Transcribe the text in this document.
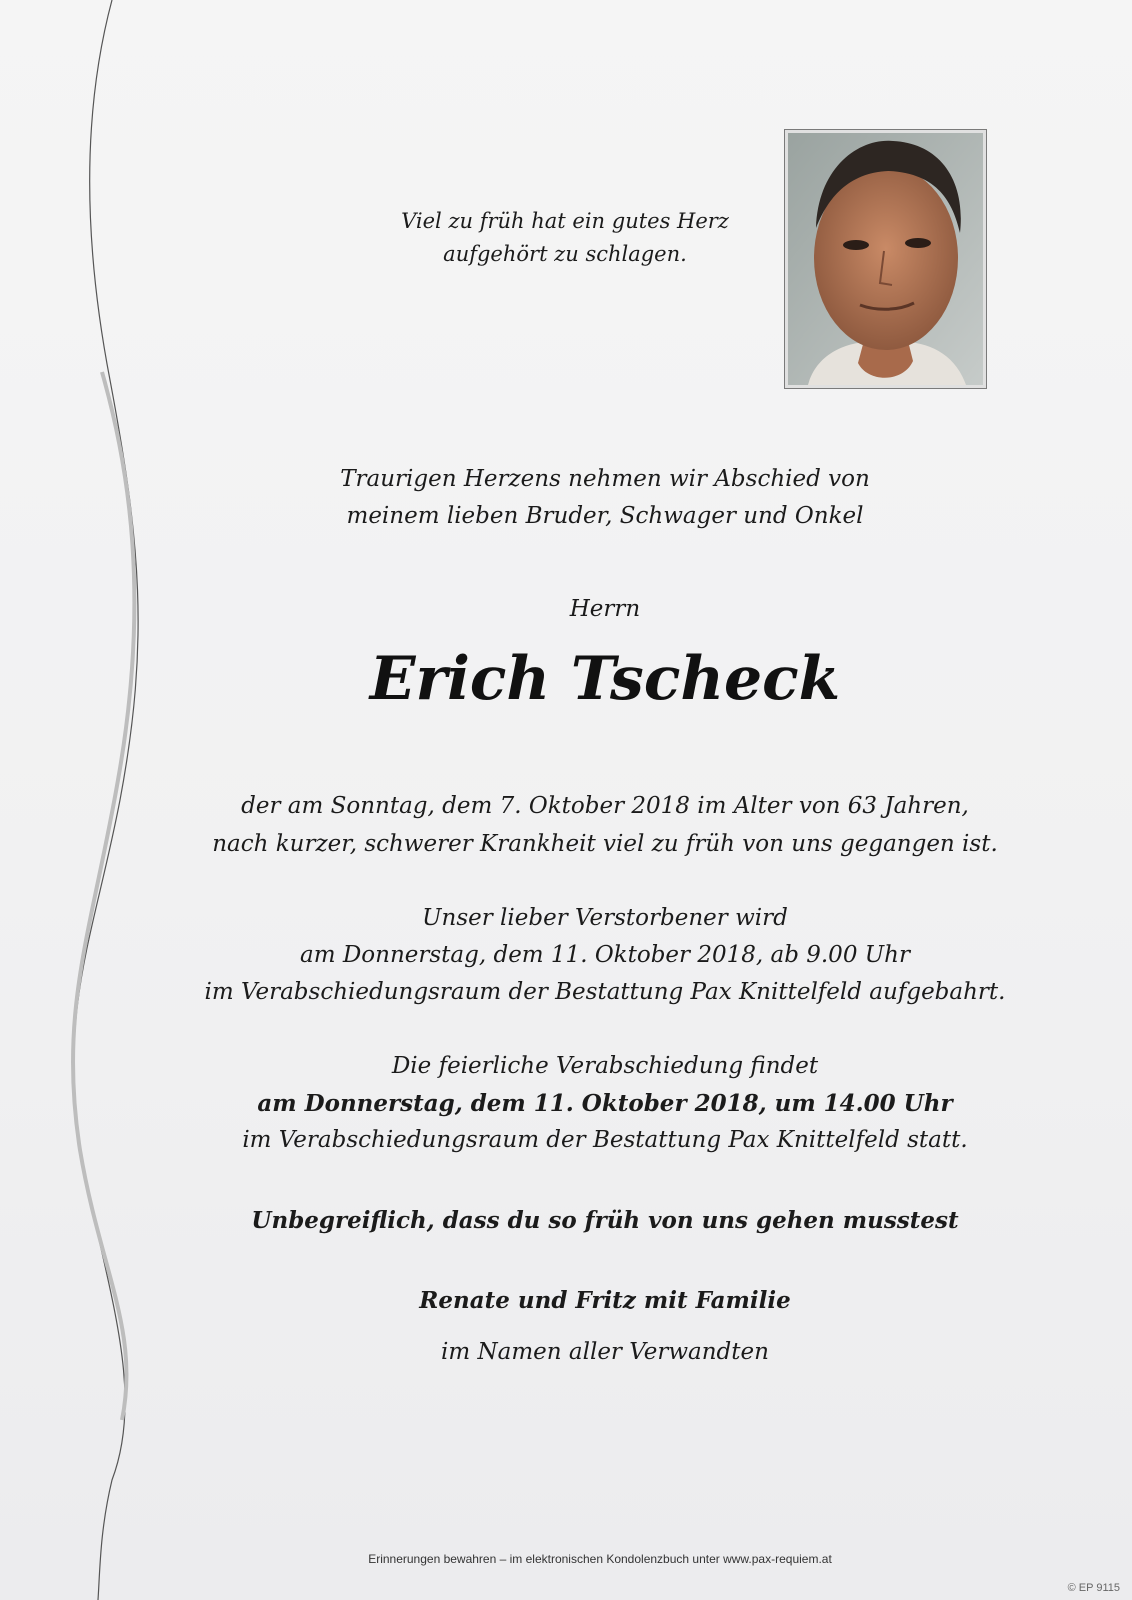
Viel zu früh hat ein gutes Herz
aufgehört zu schlagen.
Traurigen Herzens nehmen wir Abschied von
meinem lieben Bruder, Schwager und Onkel
Herrn
Erich Tscheck
der am Sonntag, dem 7. Oktober 2018 im Alter von 63 Jahren,
nach kurzer, schwerer Krankheit viel zu früh von uns gegangen ist.
Unser lieber Verstorbener wird
am Donnerstag, dem 11. Oktober 2018, ab 9.00 Uhr
im Verabschiedungsraum der Bestattung Pax Knittelfeld aufgebahrt.
Die feierliche Verabschiedung findet
am Donnerstag, dem 11. Oktober 2018, um 14.00 Uhr
im Verabschiedungsraum der Bestattung Pax Knittelfeld statt.
Unbegreiflich, dass du so früh von uns gehen musstest
Renate und Fritz mit Familie
im Namen aller Verwandten
Erinnerungen bewahren – im elektronischen Kondolenzbuch unter www.pax-requiem.at
© EP 9115
